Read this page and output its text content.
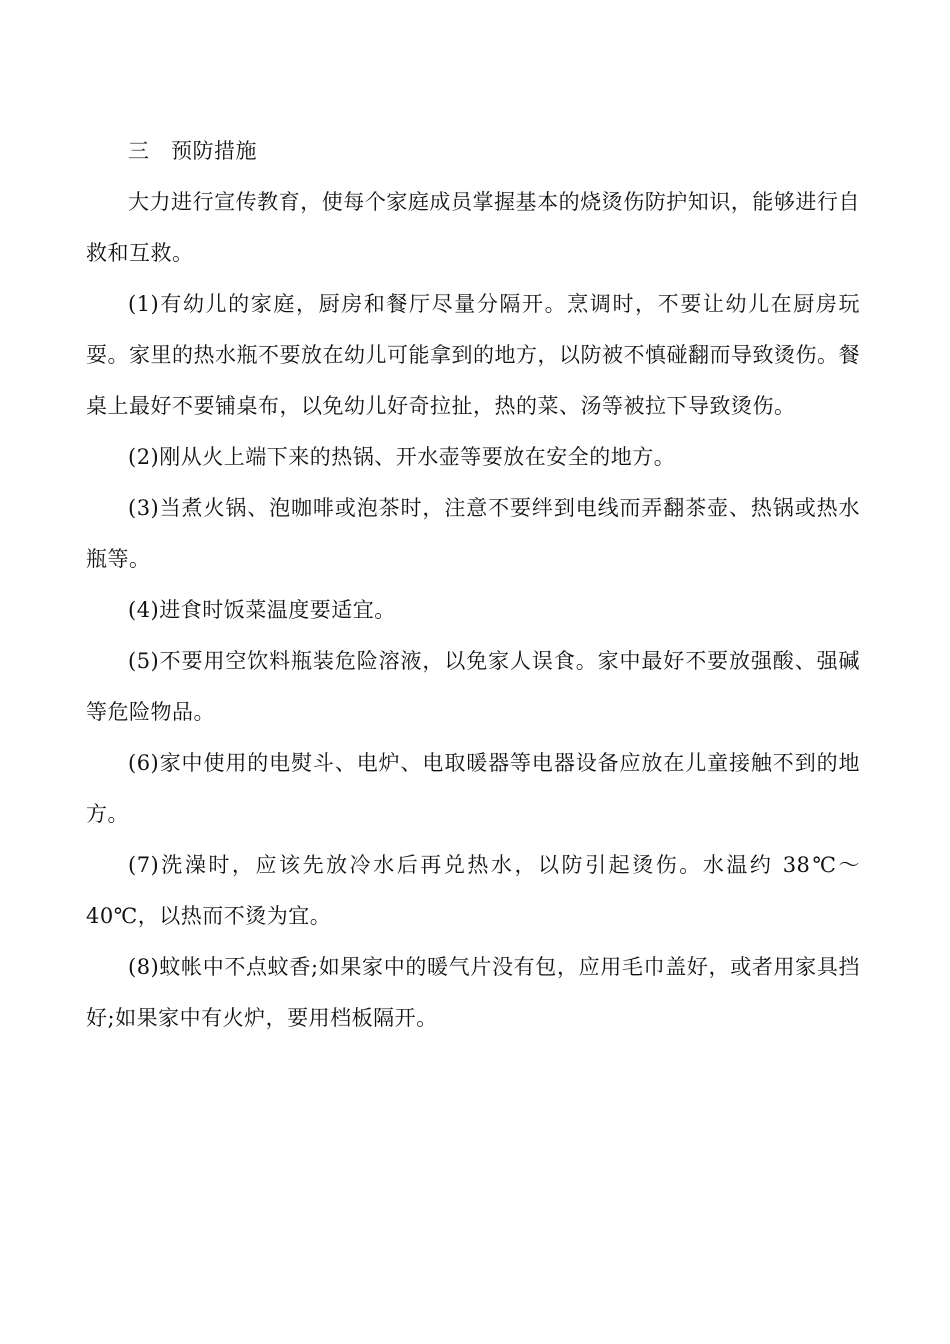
三　预防措施

大力进行宣传教育，使每个家庭成员掌握基本的烧烫伤防护知识，能够进行自救和互救。

(1)有幼儿的家庭，厨房和餐厅尽量分隔开。烹调时，不要让幼儿在厨房玩耍。家里的热水瓶不要放在幼儿可能拿到的地方，以防被不慎碰翻而导致烫伤。餐桌上最好不要铺桌布，以免幼儿好奇拉扯，热的菜、汤等被拉下导致烫伤。

(2)刚从火上端下来的热锅、开水壶等要放在安全的地方。

(3)当煮火锅、泡咖啡或泡茶时，注意不要绊到电线而弄翻茶壶、热锅或热水瓶等。

(4)进食时饭菜温度要适宜。

(5)不要用空饮料瓶装危险溶液，以免家人误食。家中最好不要放强酸、强碱等危险物品。

(6)家中使用的电熨斗、电炉、电取暖器等电器设备应放在儿童接触不到的地方。

(7)洗澡时，应该先放冷水后再兑热水，以防引起烫伤。水温约 38℃～40℃，以热而不烫为宜。

(8)蚊帐中不点蚊香;如果家中的暖气片没有包，应用毛巾盖好，或者用家具挡好;如果家中有火炉，要用档板隔开。
